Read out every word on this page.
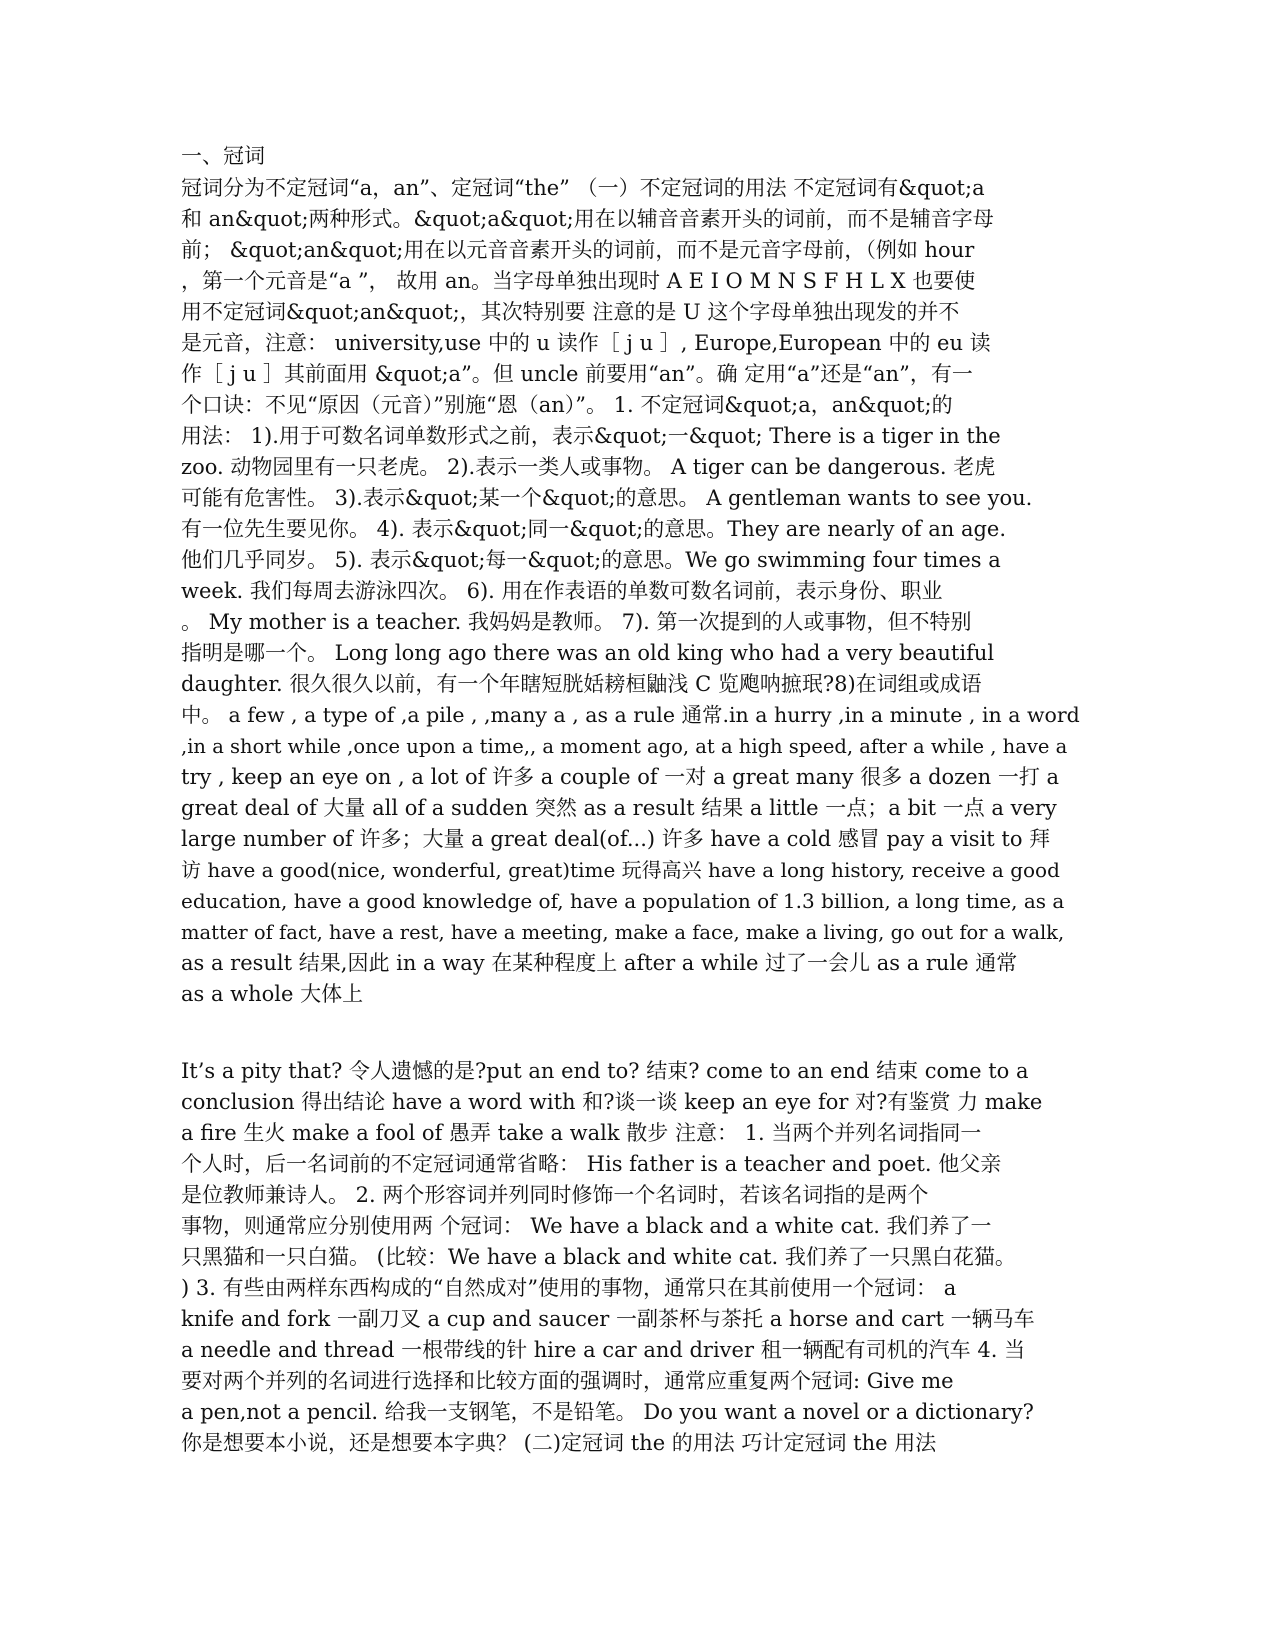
一、冠词
冠词分为不定冠词“a，an”、定冠词“the” （一）不定冠词的用法 不定冠词有&quot;a
和 an&quot;两种形式。&quot;a&quot;用在以辅音音素开头的词前，而不是辅音字母
前； &quot;an&quot;用在以元音音素开头的词前，而不是元音字母前，（例如 hour
，第一个元音是“a ”， 故用 an。当字母单独出现时 A E I O M N S F H L X 也要使
用不定冠词&quot;an&quot;，其次特别要 注意的是 U 这个字母单独出现发的并不
是元音，注意： university,use 中的 u 读作［ j u ］, Europe,European 中的 eu 读
作［ j u ］其前面用 &quot;a”。但 uncle 前要用“an”。确 定用“a”还是“an”，有一
个口诀：不见“原因（元音）”别施“恩（an）”。 1. 不定冠词&quot;a，an&quot;的
用法： 1).用于可数名词单数形式之前，表示&quot;一&quot; There is a tiger in the
zoo. 动物园里有一只老虎。 2).表示一类人或事物。 A tiger can be dangerous. 老虎
可能有危害性。 3).表示&quot;某一个&quot;的意思。 A gentleman wants to see you.
有一位先生要见你。 4). 表示&quot;同一&quot;的意思。They are nearly of an age.
他们几乎同岁。 5). 表示&quot;每一&quot;的意思。We go swimming four times a
week. 我们每周去游泳四次。 6). 用在作表语的单数可数名词前，表示身份、职业
。 My mother is a teacher. 我妈妈是教师。 7). 第一次提到的人或事物，但不特别
指明是哪一个。 Long long ago there was an old king who had a very beautiful
daughter. 很久很久以前，有一个年瞎短胱姡耪桓鼬浅 C 览飑呐摭珉?8)在词组或成语
中。 a few , a type of ,a pile , ,many a , as a rule 通常.in a hurry ,in a minute , in a word
,in a short while ,once upon a time,, a moment ago, at a high speed, after a while , have a
try , keep an eye on , a lot of 许多 a couple of 一对 a great many 很多 a dozen 一打 a
great deal of 大量 all of a sudden 突然 as a result 结果 a little 一点；a bit 一点 a very
large number of 许多；大量 a great deal(of...) 许多 have a cold 感冒 pay a visit to 拜
访 have a good(nice, wonderful, great)time 玩得高兴 have a long history, receive a good
education, have a good knowledge of, have a population of 1.3 billion, a long time, as a
matter of fact, have a rest, have a meeting, make a face, make a living, go out for a walk,
as a result 结果,因此 in a way 在某种程度上 after a while 过了一会儿 as a rule 通常
as a whole 大体上
It’s a pity that? 令人遗憾的是?put an end to? 结束? come to an end 结束 come to a
conclusion 得出结论 have a word with 和?谈一谈 keep an eye for 对?有鉴赏 力 make
a fire 生火 make a fool of 愚弄 take a walk 散步 注意： 1. 当两个并列名词指同一
个人时，后一名词前的不定冠词通常省略： His father is a teacher and poet. 他父亲
是位教师兼诗人。 2. 两个形容词并列同时修饰一个名词时，若该名词指的是两个
事物，则通常应分别使用两 个冠词： We have a black and a white cat. 我们养了一
只黑猫和一只白猫。 (比较：We have a black and white cat. 我们养了一只黑白花猫。
) 3. 有些由两样东西构成的“自然成对”使用的事物，通常只在其前使用一个冠词： a
knife and fork 一副刀叉 a cup and saucer 一副茶杯与茶托 a horse and cart 一辆马车
a needle and thread 一根带线的针 hire a car and driver 租一辆配有司机的汽车 4. 当
要对两个并列的名词进行选择和比较方面的强调时，通常应重复两个冠词: Give me
a pen,not a pencil. 给我一支钢笔，不是铅笔。 Do you want a novel or a dictionary?
你是想要本小说，还是想要本字典？ (二)定冠词 the 的用法 巧计定冠词 the 用法
